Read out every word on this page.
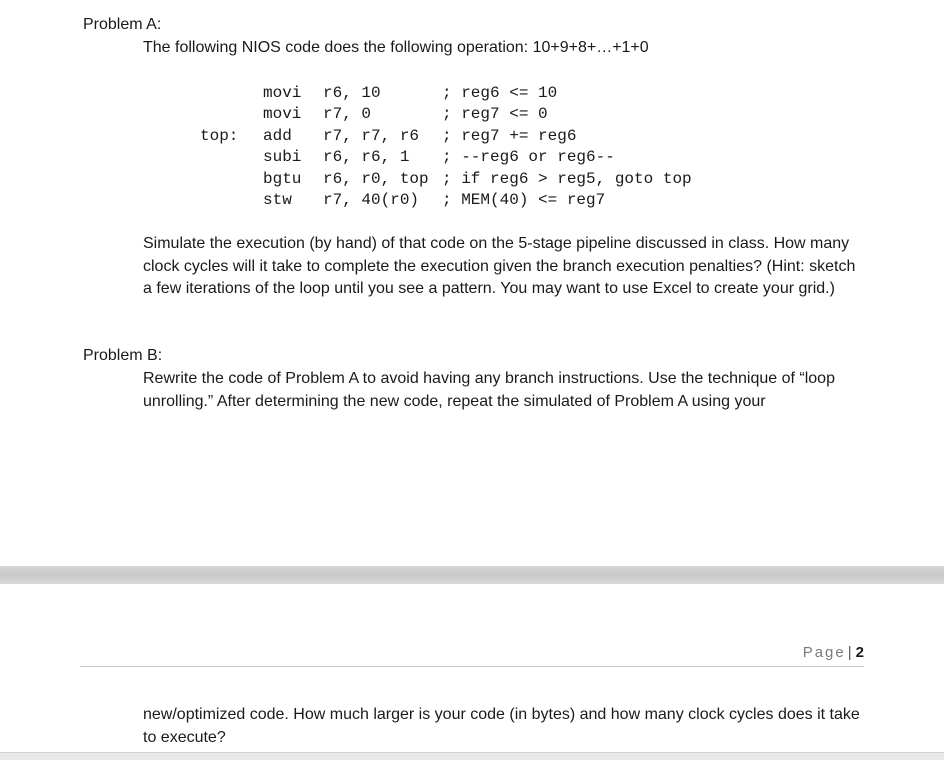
Problem A:
The following NIOS code does the following operation: 10+9+8+…+1+0

movi

r6, 10

	; reg6 <= 10

movi

r7, 0

	; reg7 <= 0

top:

add

r7, r7, r6

; reg7 += reg6

subi

r6, r6, 1

; --reg6 or reg6--

bgtu

r6, r0, top

; if reg6 > reg5, goto top

stw

r7, 40(r0)

; MEM(40) <= reg7

Simulate the execution (by hand) of that code on the 5-stage pipeline discussed in class. How many clock cycles will it take to complete the execution given the branch execution penalties? (Hint: sketch a few iterations of the loop until you see a pattern. You may want to use Excel to create your grid.)
Problem B:
Rewrite the code of Problem A to avoid having any branch instructions. Use the technique of “loop unrolling.” After determining the new code, repeat the simulated of Problem A using your
Page | 2
new/optimized code. How much larger is your code (in bytes) and how many clock cycles does it take to execute?
